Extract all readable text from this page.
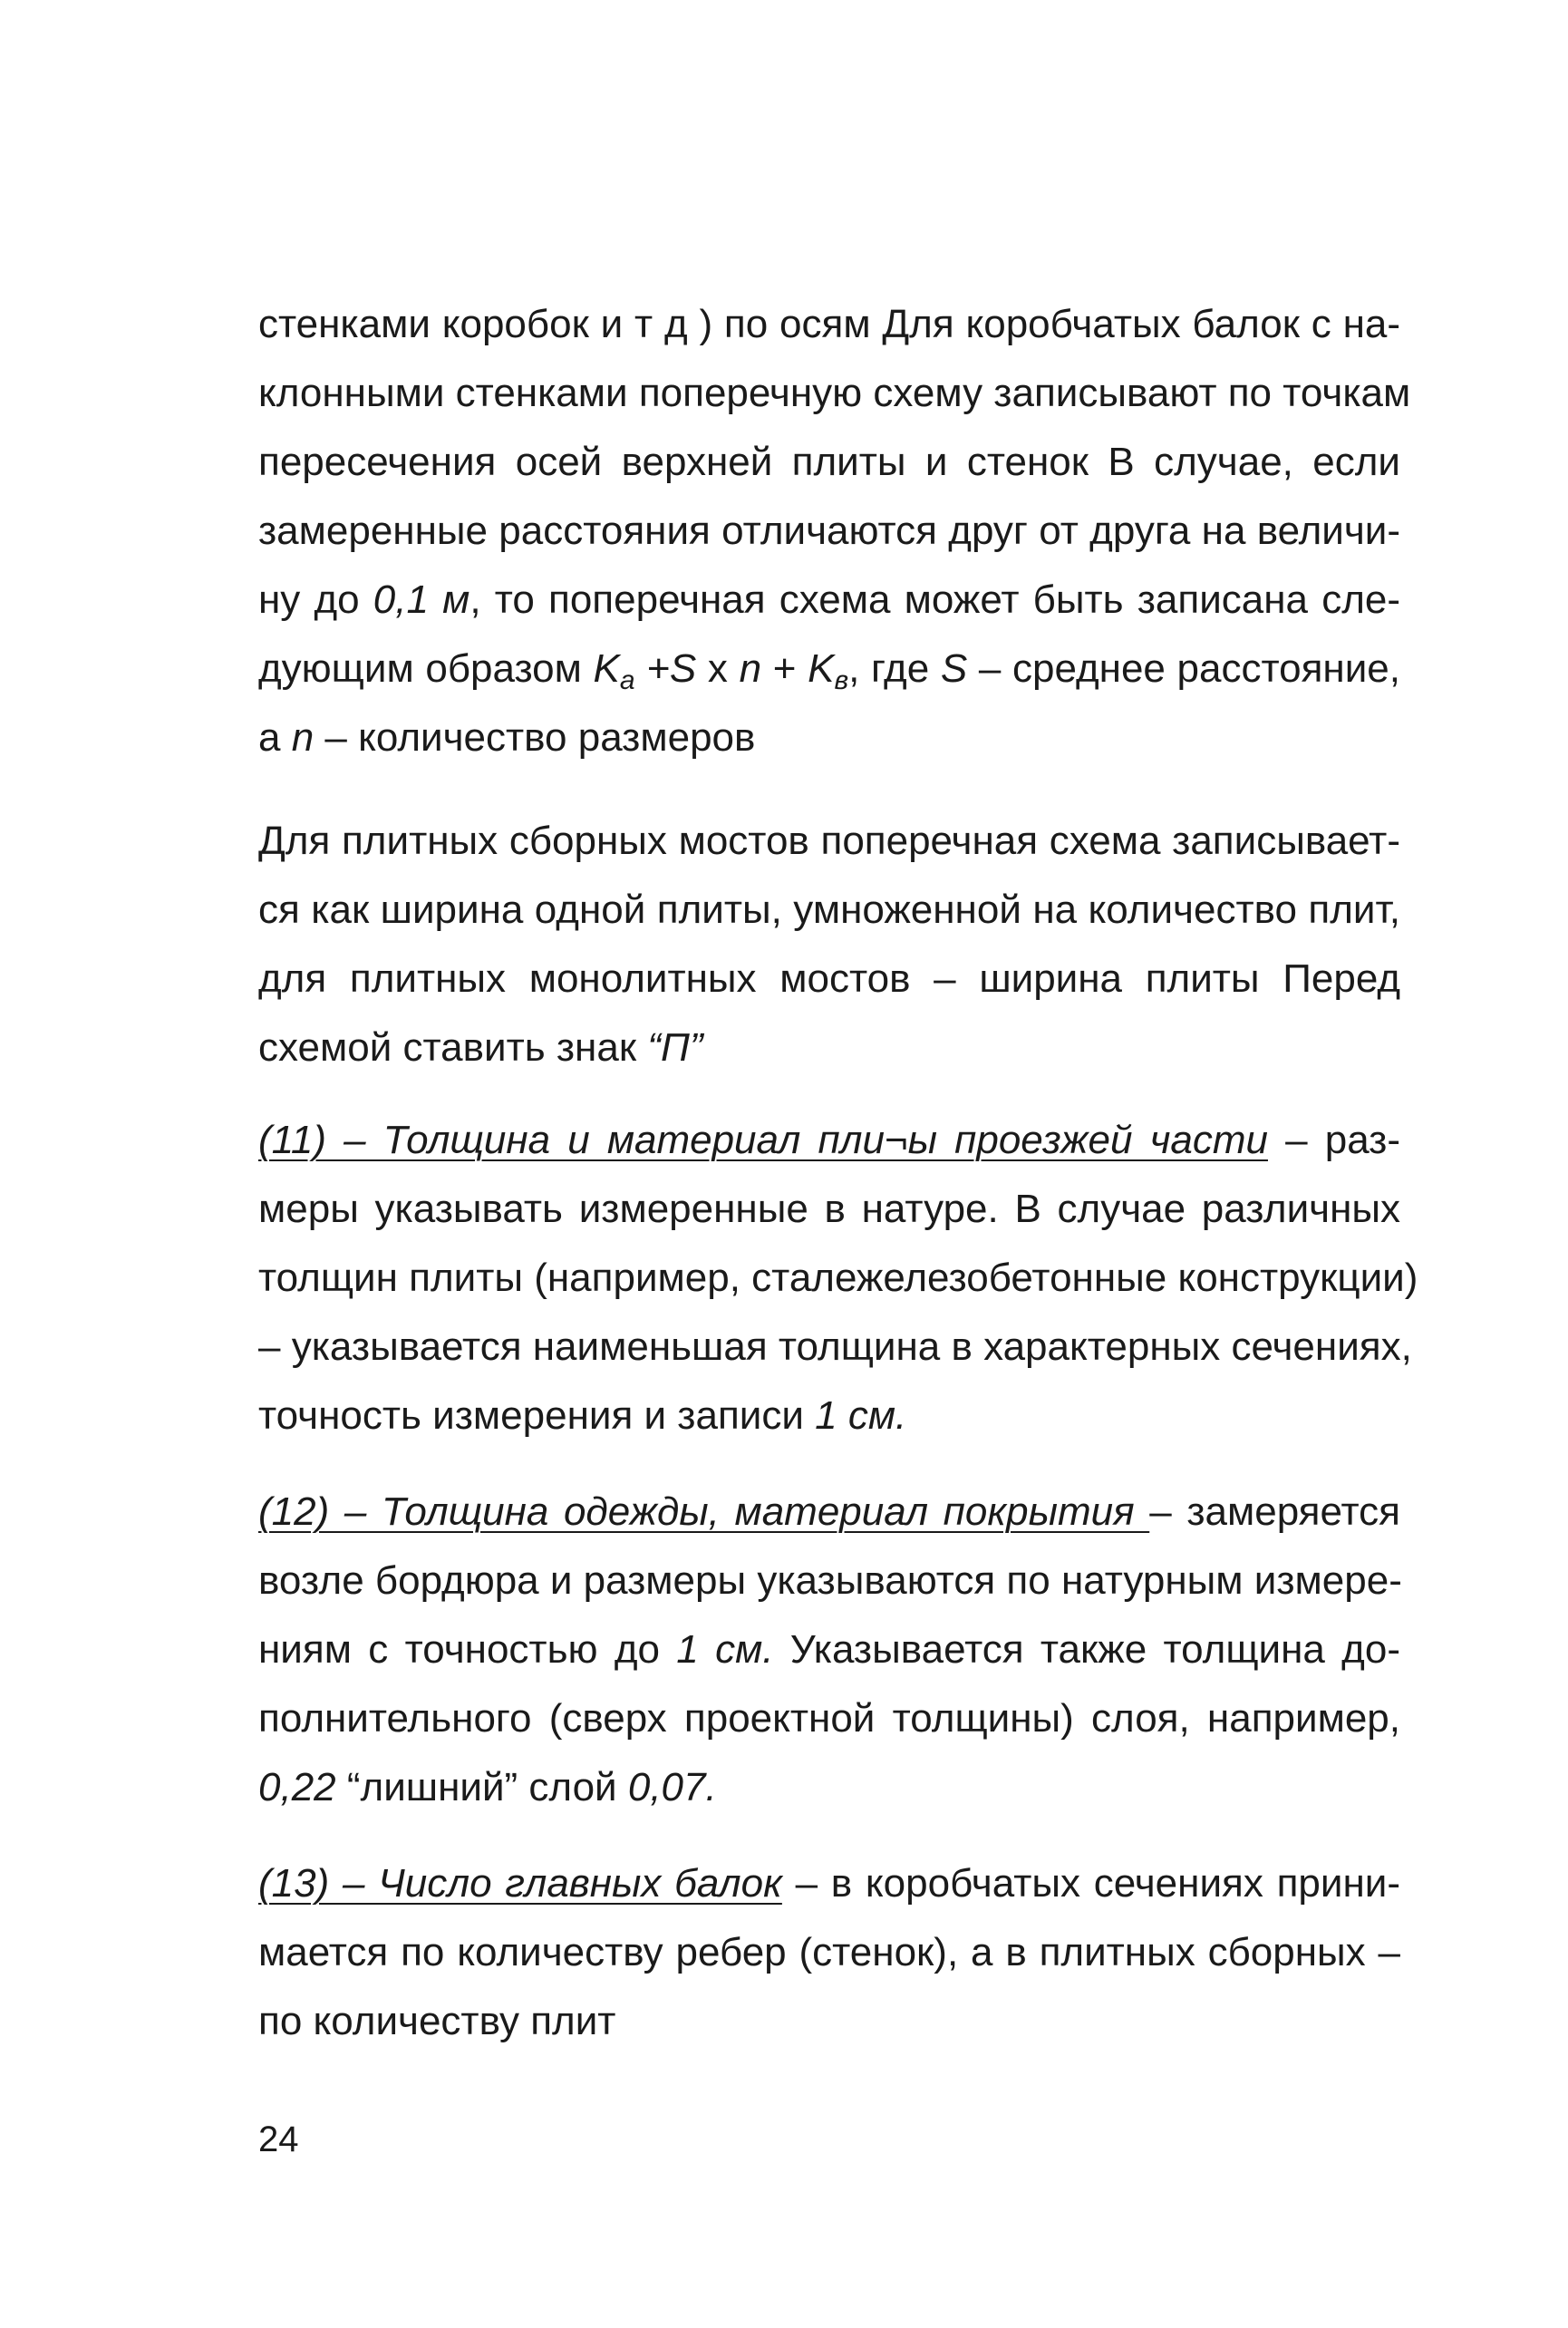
стенками коробок и т д ) по осям Для коробчатых балок с на-
клонными стенками поперечную схему записывают по точкам
пересечения осей верхней плиты и стенок В случае, если
замеренные расстояния отличаются друг от друга на величи-
ну до 0,1 м, то поперечная схема может быть записана сле-
дующим образом $K_а +S$ x $n + K_в$, где S – среднее расстояние,
а n – количество размеров
Для плитных сборных мостов поперечная схема записывает-
ся как ширина одной плиты, умноженной на количество плит,
для плитных монолитных мостов – ширина плиты Перед
схемой ставить знак “П”
(11) – Толщина и материал пли¬ы проезжей части – раз-
меры указывать измеренные в натуре. В случае различных
толщин плиты (например, сталежелезобетонные конструкции)
– указывается наименьшая толщина в характерных сечениях,
точность измерения и записи 1 см.
(12) – Толщина одежды, материал покрытия – замеряется
возле бордюра и размеры указываются по натурным измере-
ниям с точностью до 1 см. Указывается также толщина до-
полнительного (сверх проектной толщины) слоя, например,
0,22 “лишний” слой 0,07.
(13) – Число главных балок – в коробчатых сечениях прини-
мается по количеству ребер (стенок), а в плитных сборных –
по количеству плит
24
